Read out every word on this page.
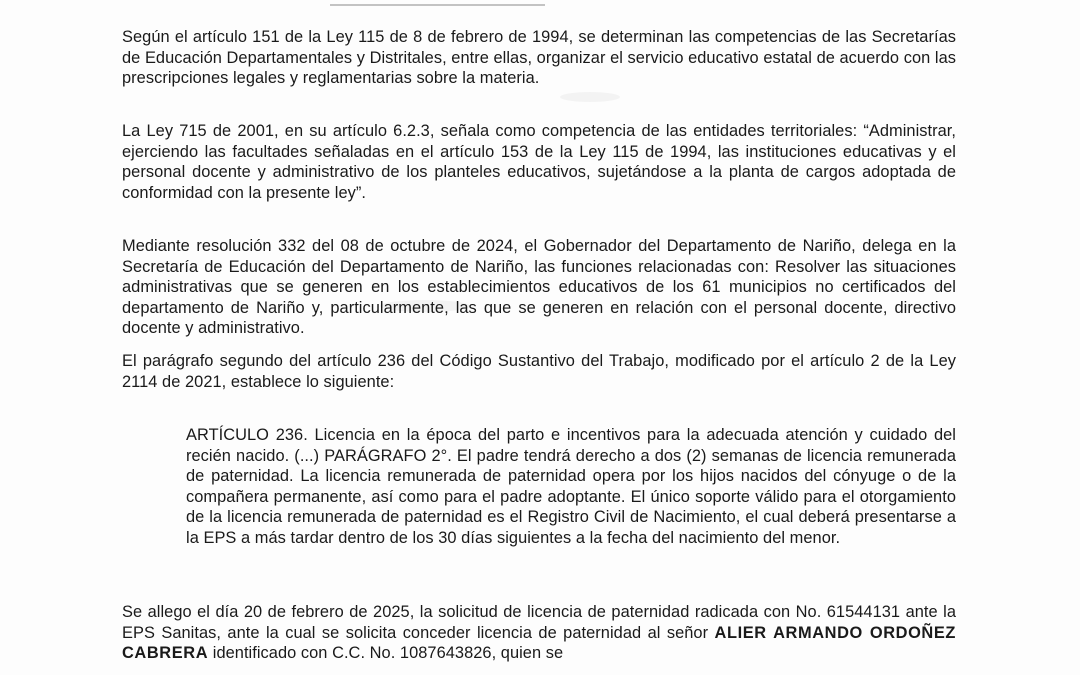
Según el artículo 151 de la Ley 115 de 8 de febrero de 1994, se determinan las competencias de las Secretarías de Educación Departamentales y Distritales, entre ellas, organizar el servicio educativo estatal de acuerdo con las prescripciones legales y reglamentarias sobre la materia.

La Ley 715 de 2001, en su artículo 6.2.3, señala como competencia de las entidades territoriales: “Administrar, ejerciendo las facultades señaladas en el artículo 153 de la Ley 115 de 1994, las instituciones educativas y el personal docente y administrativo de los planteles educativos, sujetándose a la planta de cargos adoptada de conformidad con la presente ley”.

Mediante resolución 332 del 08 de octubre de 2024, el Gobernador del Departamento de Nariño, delega en la Secretaría de Educación del Departamento de Nariño, las funciones relacionadas con: Resolver las situaciones administrativas que se generen en los establecimientos educativos de los 61 municipios no certificados del departamento de Nariño y, particularmente, las que se generen en relación con el personal docente, directivo docente y administrativo.

El parágrafo segundo del artículo 236 del Código Sustantivo del Trabajo, modificado por el artículo 2 de la Ley 2114 de 2021, establece lo siguiente:

ARTÍCULO 236. Licencia en la época del parto e incentivos para la adecuada atención y cuidado del recién nacido. (...) PARÁGRAFO 2°. El padre tendrá derecho a dos (2) semanas de licencia remunerada de paternidad. La licencia remunerada de paternidad opera por los hijos nacidos del cónyuge o de la compañera permanente, así como para el padre adoptante. El único soporte válido para el otorgamiento de la licencia remunerada de paternidad es el Registro Civil de Nacimiento, el cual deberá presentarse a la EPS a más tardar dentro de los 30 días siguientes a la fecha del nacimiento del menor.

Se allego el día 20 de febrero de 2025, la solicitud de licencia de paternidad radicada con No. 61544131 ante la EPS Sanitas, ante la cual se solicita conceder licencia de paternidad al señor ALIER ARMANDO ORDOÑEZ CABRERA identificado con C.C. No. 1087643826, quien se
